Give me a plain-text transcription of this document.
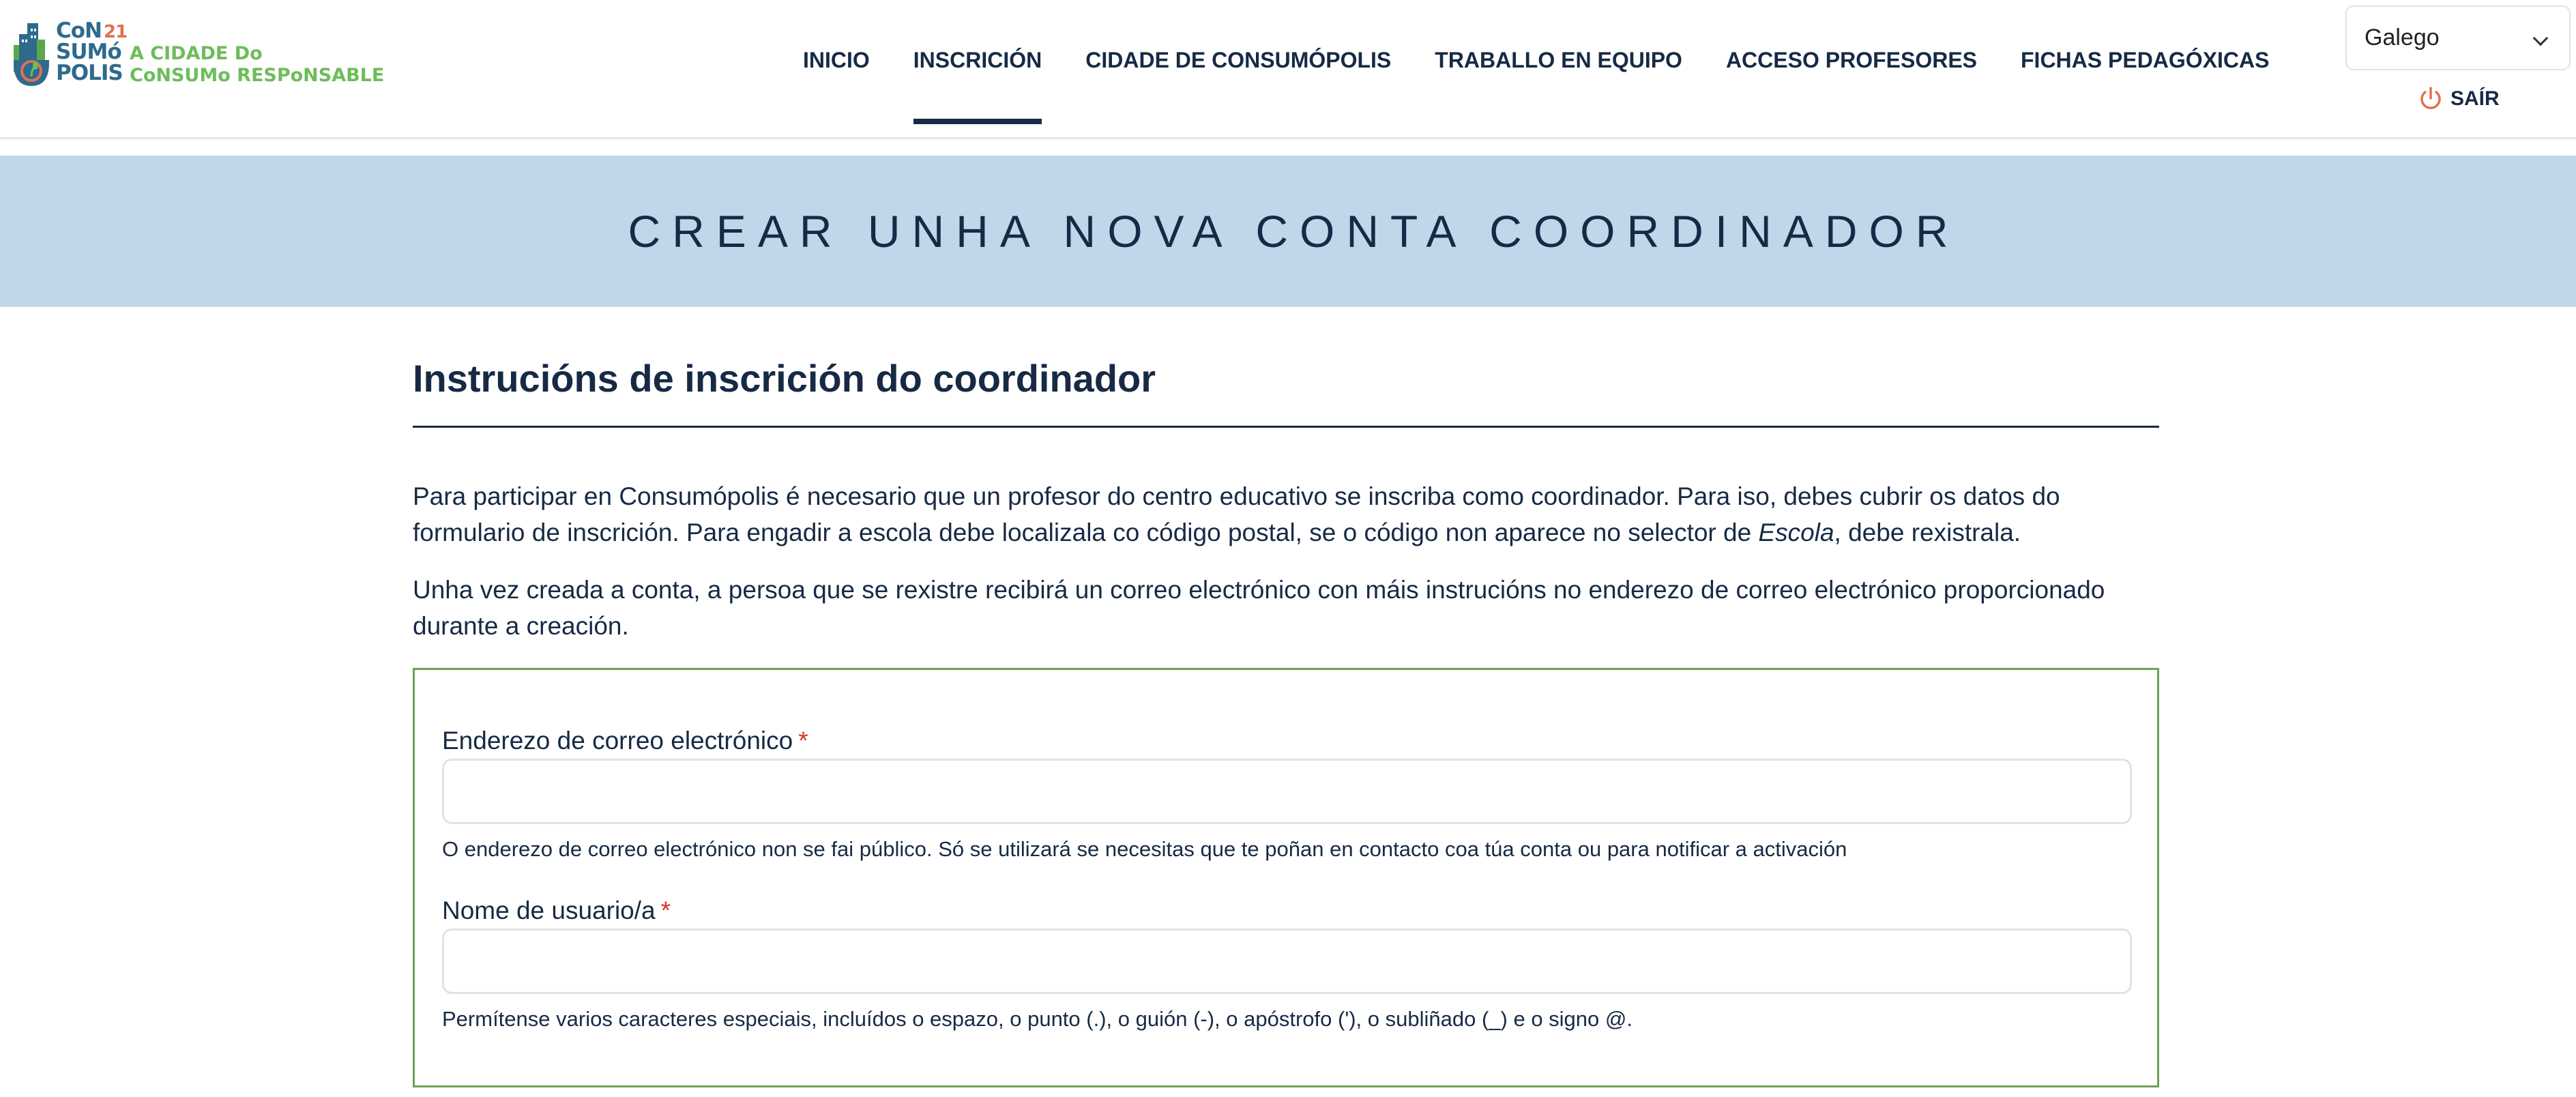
CoN
SUMó
POLIS
21
A CIDADE Do
CoNSUMo RESPoNSABLE
INICIO INSCRICIÓN CIDADE DE CONSUMÓPOLIS TRABALLO EN EQUIPO ACCESO PROFESORES FICHAS PEDAGÓXICAS
Galego
SAÍR
CREAR UNHA NOVA CONTA COORDINADOR
Instrucións de inscrición do coordinador

Para participar en Consumópolis é necesario que un profesor do centro educativo se inscriba como coordinador. Para iso, debes cubrir os datos do formulario de inscrición. Para engadir a escola debe localizala co código postal, se o código non aparece no selector de Escola, debe rexistrala.

Unha vez creada a conta, a persoa que se rexistre recibirá un correo electrónico con máis instrucións no enderezo de correo electrónico proporcionado durante a creación.

Enderezo de correo electrónico *
O enderezo de correo electrónico non se fai público. Só se utilizará se necesitas que te poñan en contacto coa túa conta ou para notificar a activación
Nome de usuario/a *
Permítense varios caracteres especiais, incluídos o espazo, o punto (.), o guión (-), o apóstrofo ('), o subliñado (_) e o signo @.
